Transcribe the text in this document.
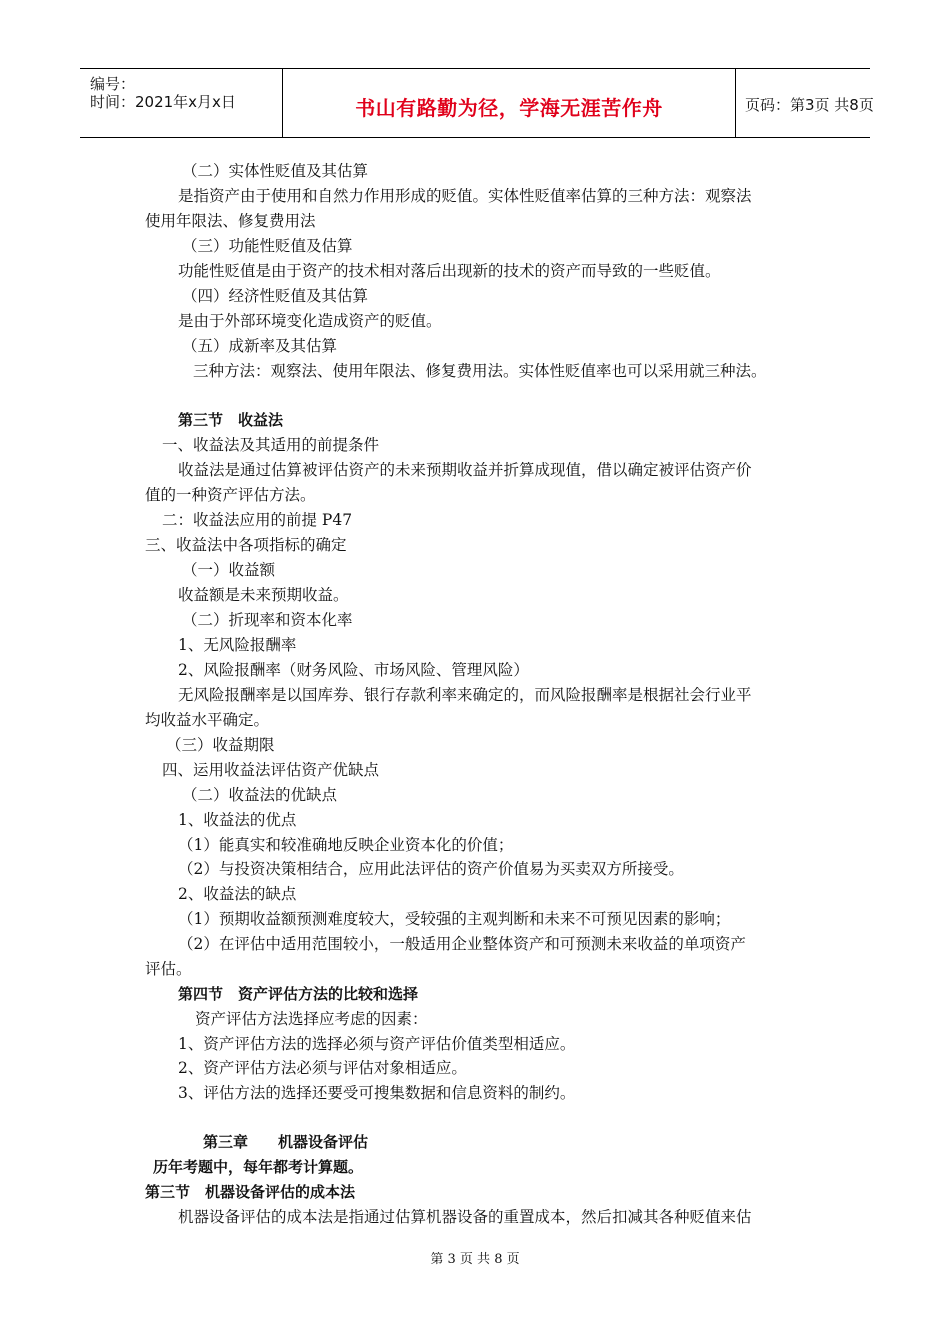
编号：
时间：2021年x月x日	书山有路勤为径，学海无涯苦作舟	页码：第3页 共8页
（二）实体性贬值及其估算
是指资产由于使用和自然力作用形成的贬值。实体性贬值率估算的三种方法：观察法
使用年限法、修复费用法
（三）功能性贬值及估算
功能性贬值是由于资产的技术相对落后出现新的技术的资产而导致的一些贬值。
（四）经济性贬值及其估算
是由于外部环境变化造成资产的贬值。
（五）成新率及其估算
三种方法：观察法、使用年限法、修复费用法。实体性贬值率也可以采用就三种法。
第三节　收益法
一、收益法及其适用的前提条件
收益法是通过估算被评估资产的未来预期收益并折算成现值，借以确定被评估资产价
值的一种资产评估方法。
二：收益法应用的前提 P47
三、收益法中各项指标的确定
（一）收益额
收益额是未来预期收益。
（二）折现率和资本化率
1、无风险报酬率
2、风险报酬率（财务风险、市场风险、管理风险）
无风险报酬率是以国库券、银行存款利率来确定的，而风险报酬率是根据社会行业平
均收益水平确定。
（三）收益期限
四、运用收益法评估资产优缺点
（二）收益法的优缺点
1、收益法的优点
（1）能真实和较准确地反映企业资本化的价值；
（2）与投资决策相结合，应用此法评估的资产价值易为买卖双方所接受。
2、收益法的缺点
（1）预期收益额预测难度较大，受较强的主观判断和未来不可预见因素的影响；
（2）在评估中适用范围较小，一般适用企业整体资产和可预测未来收益的单项资产
评估。
第四节　资产评估方法的比较和选择
资产评估方法选择应考虑的因素：
1、资产评估方法的选择必须与资产评估价值类型相适应。
2、资产评估方法必须与评估对象相适应。
3、评估方法的选择还要受可搜集数据和信息资料的制约。
第三章　　机器设备评估
历年考题中，每年都考计算题。
第三节　机器设备评估的成本法
机器设备评估的成本法是指通过估算机器设备的重置成本，然后扣减其各种贬值来估
第 3 页 共 8 页
